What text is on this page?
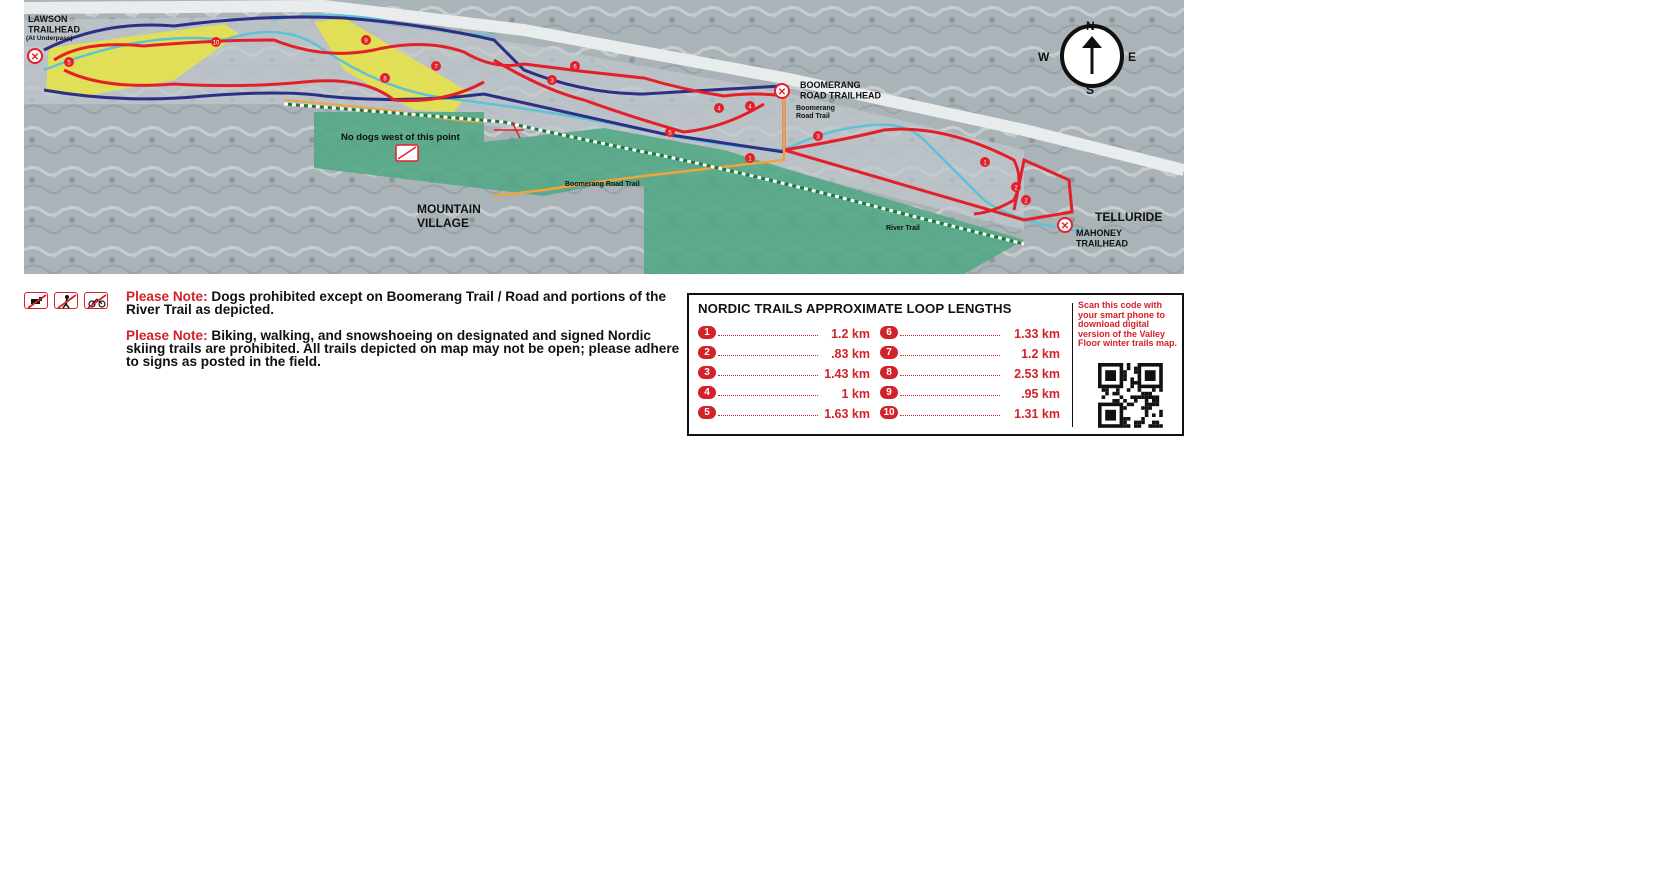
✕
✕
✕
LAWSON TRAILHEAD
(At Underpass)
BOOMERANG ROAD TRAILHEAD
MAHONEY TRAILHEAD
MOUNTAIN VILLAGE	TELLURIDE
Boomerang Road Trail
Boomerang Road Trail
River Trail
No dogs west of this point
N
S
E
W
1
2
3
4
5
6
7
8
9
10
1
2
3
4
5

Please Note: Dogs prohibited except on Boomerang Trail / Road and portions of the River Trail as depicted.

Please Note: Biking, walking, and snowshoeing on designated and signed Nordic skiing trails are prohibited. All trails depicted on map may not be open; please adhere to signs as posted in the field.

NORDIC TRAILS APPROXIMATE LOOP LENGTHS
1	1.2 km
2	.83 km
3	1.43 km
4	1 km
5	1.63 km
6	1.33 km
7	1.2 km
8	2.53 km
9	.95 km
10	1.31 km
Scan this code with your smart phone to download digital version of the Valley Floor winter trails map.
